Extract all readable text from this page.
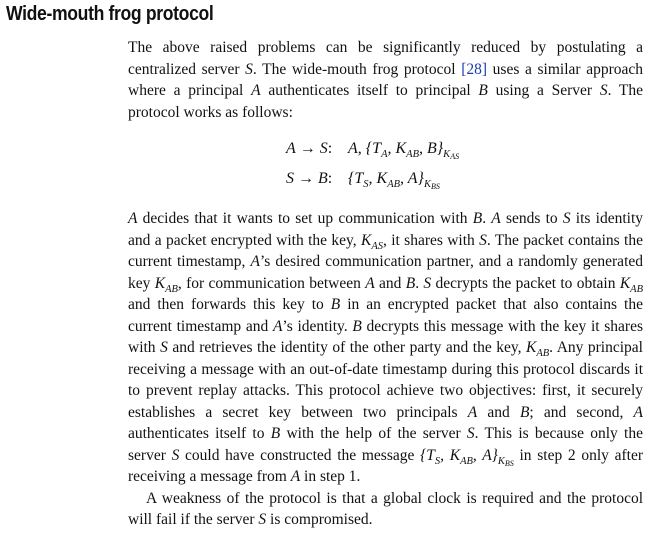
Wide-mouth frog protocol

The above raised problems can be significantly reduced by postulating a centralized server S. The wide-mouth frog protocol [28] uses a similar approach where a principal A authenticates itself to principal B using a Server S. The protocol works as follows:

A → S: A, {$T_A$, $K_{AB}$, $B\}_{K_{AS}}$
S → B: {$T_S$, $K_{AB}$, $A\}_{K_{BS}}$

A decides that it wants to set up communication with B. A sends to S its identity and a packet encrypted with the key, $K_{AS}$, it shares with S. The packet contains the current timestamp, A’s desired communication partner, and a randomly generated key $K_{AB}$, for communication between A and B. S decrypts the packet to obtain $K_{AB}$ and then forwards this key to B in an encrypted packet that also contains the current timestamp and A’s identity. B decrypts this message with the key it shares with S and retrieves the identity of the other party and the key, $K_{AB}$. Any principal receiving a message with an out-of-date timestamp during this protocol discards it to prevent replay attacks. This protocol achieve two objectives: first, it securely establishes a secret key between two principals A and B; and second, A authenticates itself to B with the help of the server S. This is because only the server S could have constructed the message {$T_S$, $K_{AB}$, $A\}_{K_{BS}}$ in step 2 only after receiving a message from A in step 1.

A weakness of the protocol is that a global clock is required and the protocol will fail if the server S is compromised.
